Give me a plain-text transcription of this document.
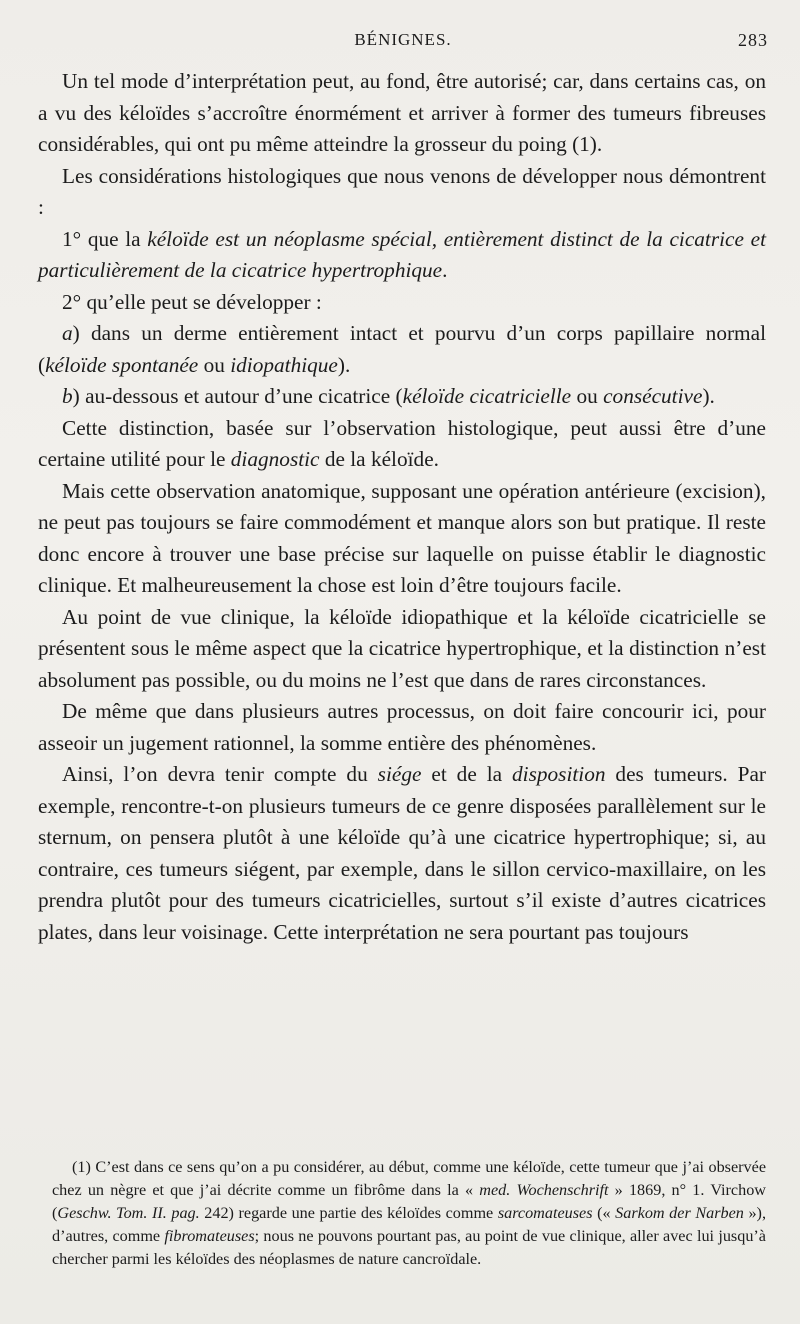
BÉNIGNES.	283

Un tel mode d’interprétation peut, au fond, être autorisé; car, dans certains cas, on a vu des kéloïdes s’accroître énormément et arriver à former des tumeurs fibreuses considérables, qui ont pu même atteindre la grosseur du poing (1).

Les considérations histologiques que nous venons de développer nous démontrent :

1° que la kéloïde est un néoplasme spécial, entièrement distinct de la cicatrice et particulièrement de la cicatrice hypertrophique.

2° qu’elle peut se développer :

a) dans un derme entièrement intact et pourvu d’un corps papillaire normal (kéloïde spontanée ou idiopathique).

b) au-dessous et autour d’une cicatrice (kéloïde cicatricielle ou consécutive).

Cette distinction, basée sur l’observation histologique, peut aussi être d’une certaine utilité pour le diagnostic de la kéloïde.

Mais cette observation anatomique, supposant une opération antérieure (excision), ne peut pas toujours se faire commodément et manque alors son but pratique. Il reste donc encore à trouver une base précise sur laquelle on puisse établir le diagnostic clinique. Et malheureusement la chose est loin d’être toujours facile.

Au point de vue clinique, la kéloïde idiopathique et la kéloïde cicatricielle se présentent sous le même aspect que la cicatrice hypertrophique, et la distinction n’est absolument pas possible, ou du moins ne l’est que dans de rares circonstances.

De même que dans plusieurs autres processus, on doit faire concourir ici, pour asseoir un jugement rationnel, la somme entière des phénomènes.

Ainsi, l’on devra tenir compte du siége et de la disposition des tumeurs. Par exemple, rencontre-t-on plusieurs tumeurs de ce genre disposées parallèlement sur le sternum, on pensera plutôt à une kéloïde qu’à une cicatrice hypertrophique; si, au contraire, ces tumeurs siégent, par exemple, dans le sillon cervico-maxillaire, on les prendra plutôt pour des tumeurs cicatricielles, surtout s’il existe d’autres cicatrices plates, dans leur voisinage. Cette interprétation ne sera pourtant pas toujours

(1) C’est dans ce sens qu’on a pu considérer, au début, comme une kéloïde, cette tumeur que j’ai observée chez un nègre et que j’ai décrite comme un fibrôme dans la « med. Wochenschrift » 1869, n° 1. Virchow (Geschw. Tom. II. pag. 242) regarde une partie des kéloïdes comme sarcomateuses (« Sarkom der Narben »), d’autres, comme fibromateuses; nous ne pouvons pourtant pas, au point de vue clinique, aller avec lui jusqu’à chercher parmi les kéloïdes des néoplasmes de nature cancroïdale.
